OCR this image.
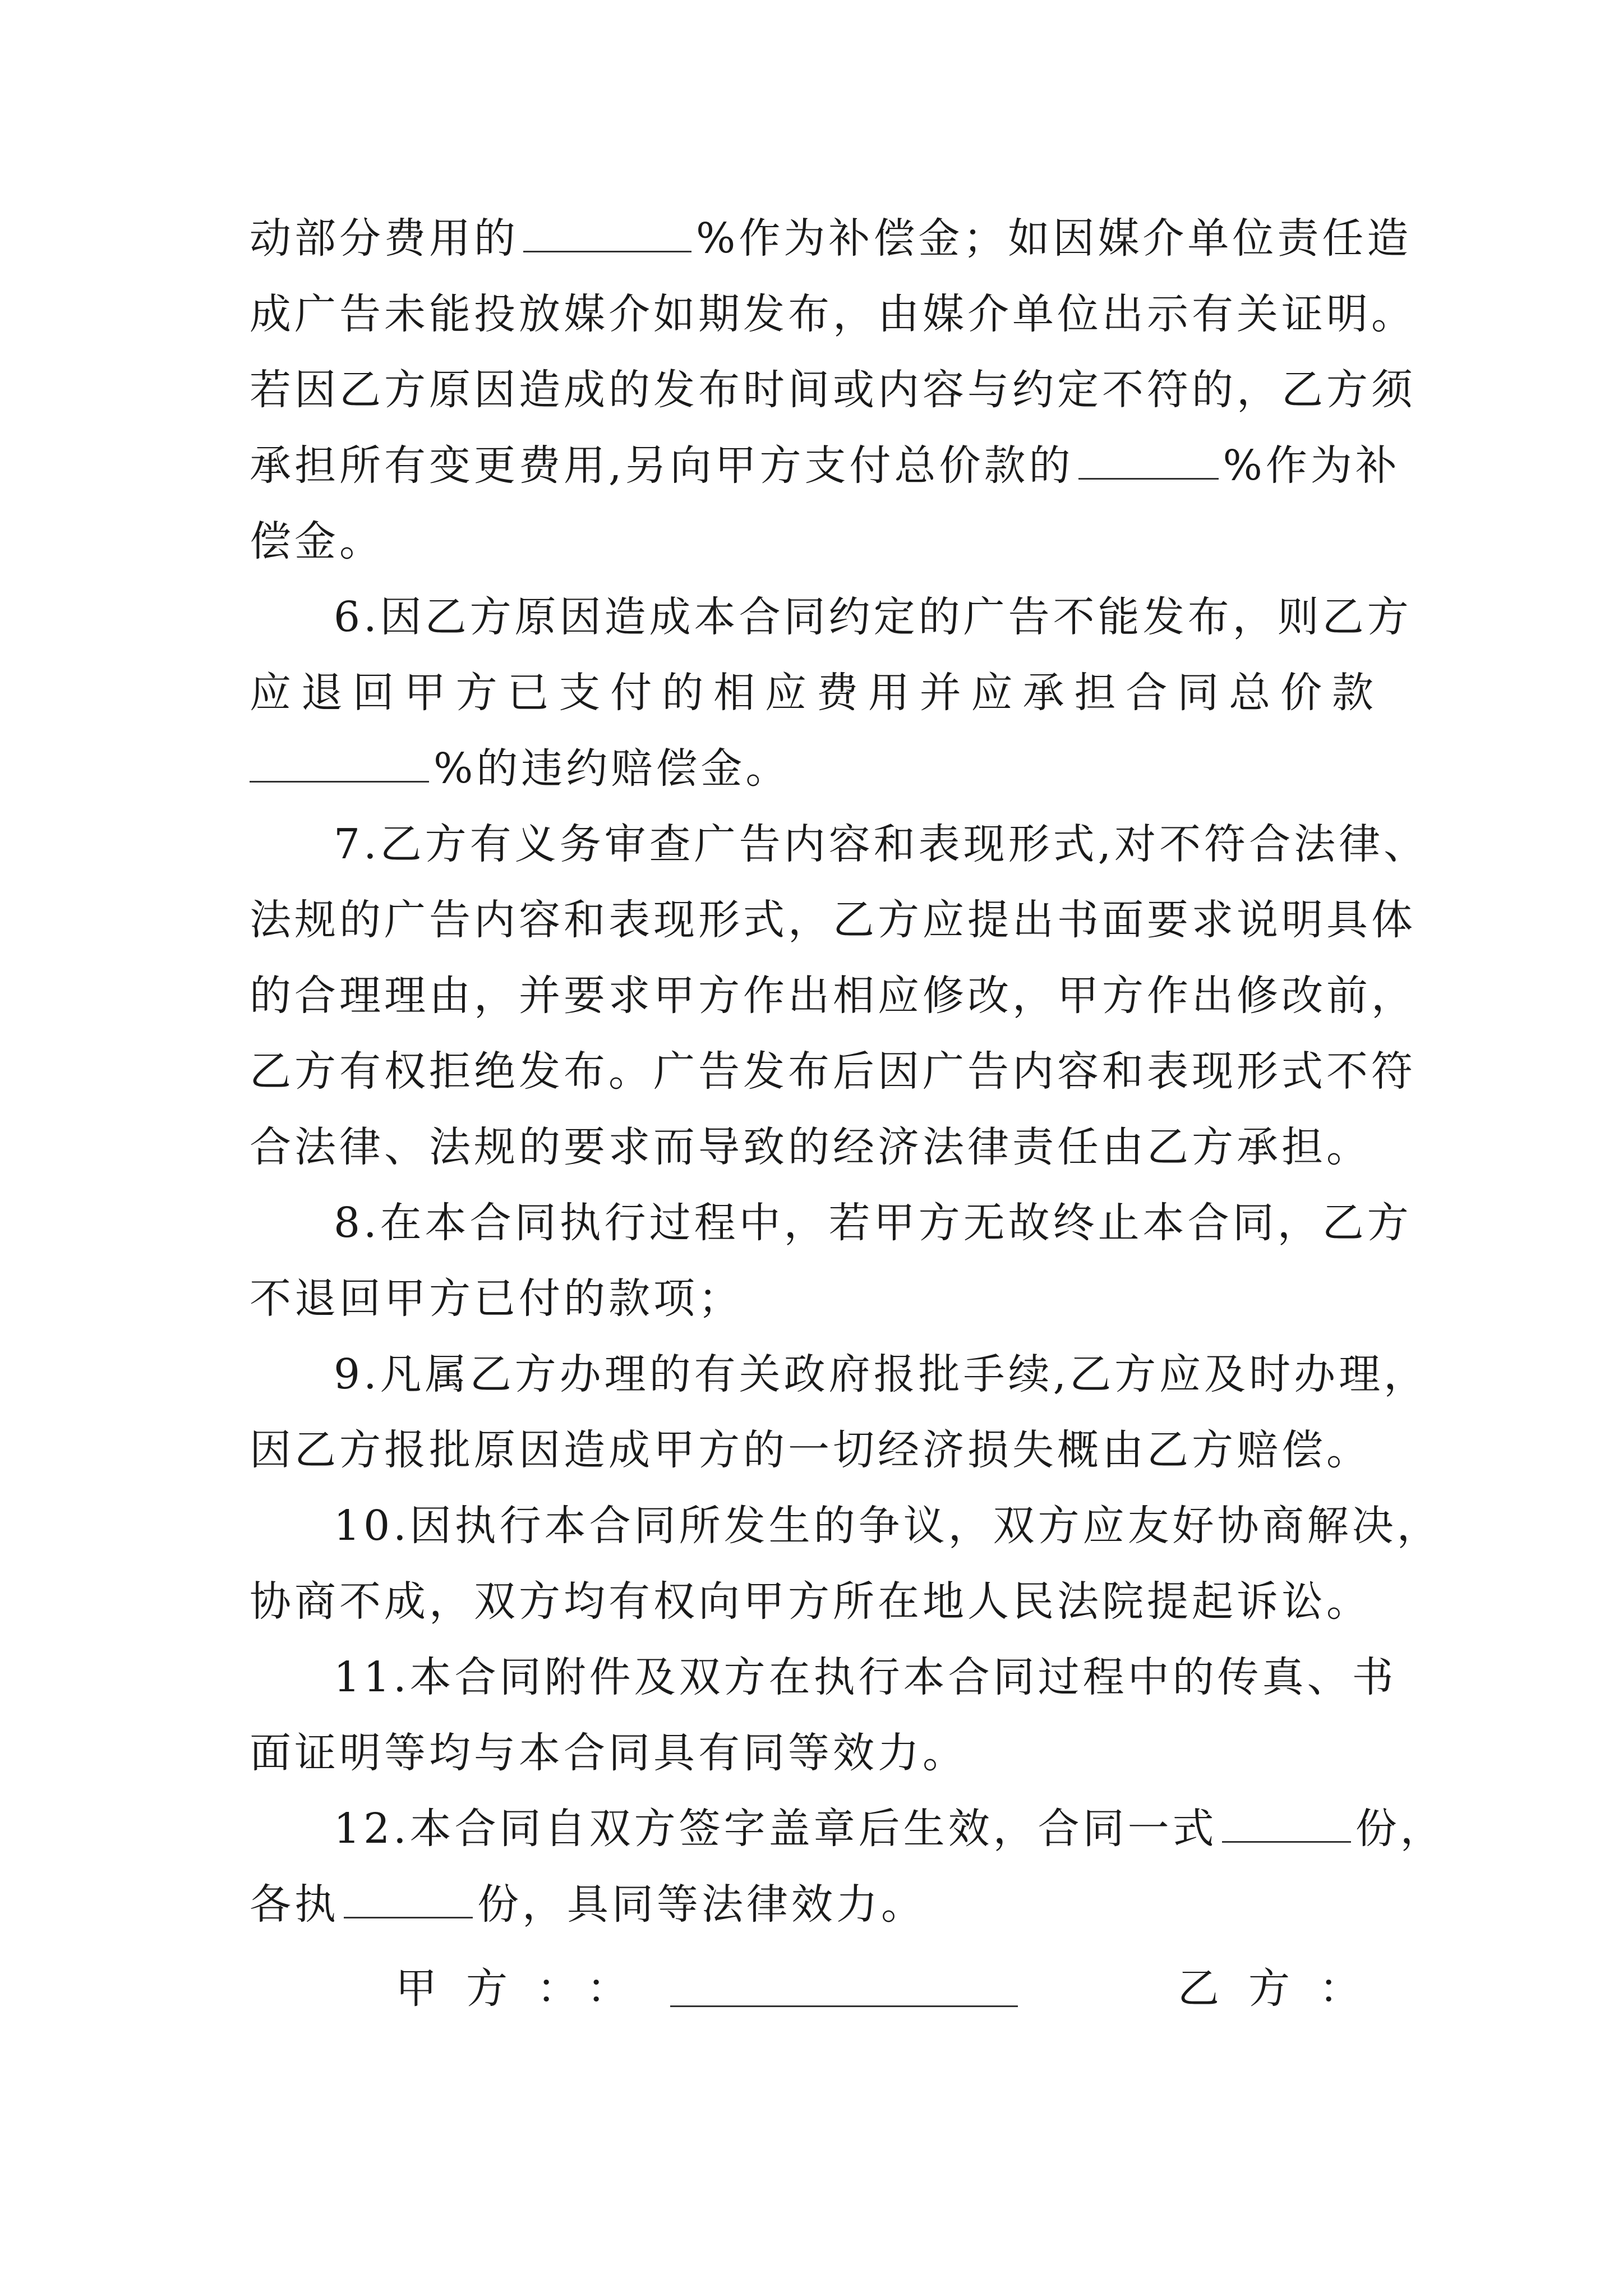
动部分费用的	%作为补偿金；如因媒介单位责任造
成广告未能投放媒介如期发布，由媒介单位出示有关证明。
若因乙方原因造成的发布时间或内容与约定不符的，乙方须
承担所有变更费用,另向甲方支付总价款的	%作为补
偿金。
6.因乙方原因造成本合同约定的广告不能发布，则乙方
应退回甲方已支付的相应费用并应承担合同总价款
%的违约赔偿金。
7.乙方有义务审查广告内容和表现形式,对不符合法律、
法规的广告内容和表现形式，乙方应提出书面要求说明具体
的合理理由，并要求甲方作出相应修改，甲方作出修改前，
乙方有权拒绝发布。广告发布后因广告内容和表现形式不符
合法律、法规的要求而导致的经济法律责任由乙方承担。
8.在本合同执行过程中，若甲方无故终止本合同，乙方
不退回甲方已付的款项；
9.凡属乙方办理的有关政府报批手续,乙方应及时办理，
因乙方报批原因造成甲方的一切经济损失概由乙方赔偿。
10.因执行本合同所发生的争议，双方应友好协商解决，
协商不成，双方均有权向甲方所在地人民法院提起诉讼。
11.本合同附件及双方在执行本合同过程中的传真、书
面证明等均与本合同具有同等效力。
12.本合同自双方签字盖章后生效，合同一式	份，
各执	份，具同等法律效力。
甲方：：	乙方：
